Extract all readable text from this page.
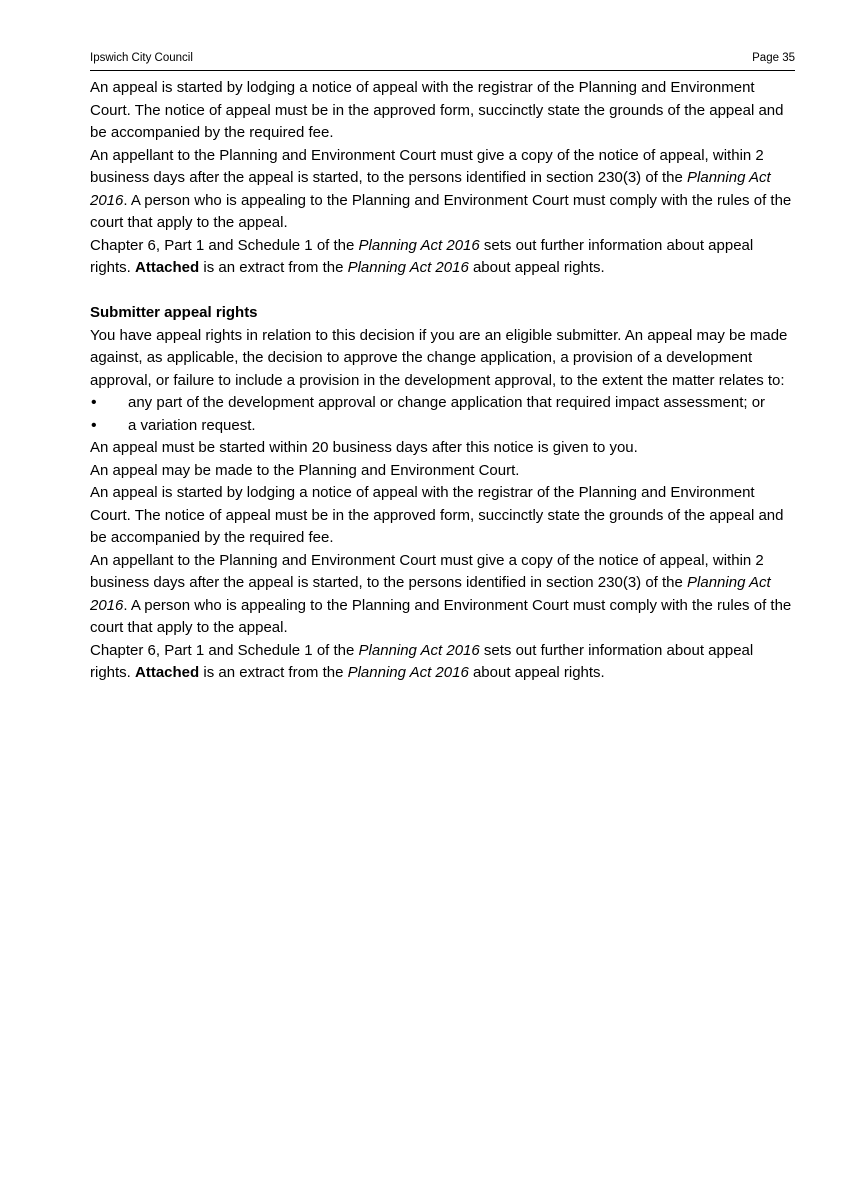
Ipswich City Council	Page 35

An appeal is started by lodging a notice of appeal with the registrar of the Planning and Environment Court. The notice of appeal must be in the approved form, succinctly state the grounds of the appeal and be accompanied by the required fee.

An appellant to the Planning and Environment Court must give a copy of the notice of appeal, within 2 business days after the appeal is started, to the persons identified in section 230(3) of the Planning Act 2016. A person who is appealing to the Planning and Environment Court must comply with the rules of the court that apply to the appeal.

Chapter 6, Part 1 and Schedule 1 of the Planning Act 2016 sets out further information about appeal rights. Attached is an extract from the Planning Act 2016 about appeal rights.

Submitter appeal rights

You have appeal rights in relation to this decision if you are an eligible submitter. An appeal may be made against, as applicable, the decision to approve the change application, a provision of a development approval, or failure to include a provision in the development approval, to the extent the matter relates to:

• any part of the development approval or change application that required impact assessment; or
• a variation request.

An appeal must be started within 20 business days after this notice is given to you.

An appeal may be made to the Planning and Environment Court.

An appeal is started by lodging a notice of appeal with the registrar of the Planning and Environment Court. The notice of appeal must be in the approved form, succinctly state the grounds of the appeal and be accompanied by the required fee.

An appellant to the Planning and Environment Court must give a copy of the notice of appeal, within 2 business days after the appeal is started, to the persons identified in section 230(3) of the Planning Act 2016. A person who is appealing to the Planning and Environment Court must comply with the rules of the court that apply to the appeal.

Chapter 6, Part 1 and Schedule 1 of the Planning Act 2016 sets out further information about appeal rights. Attached is an extract from the Planning Act 2016 about appeal rights.
